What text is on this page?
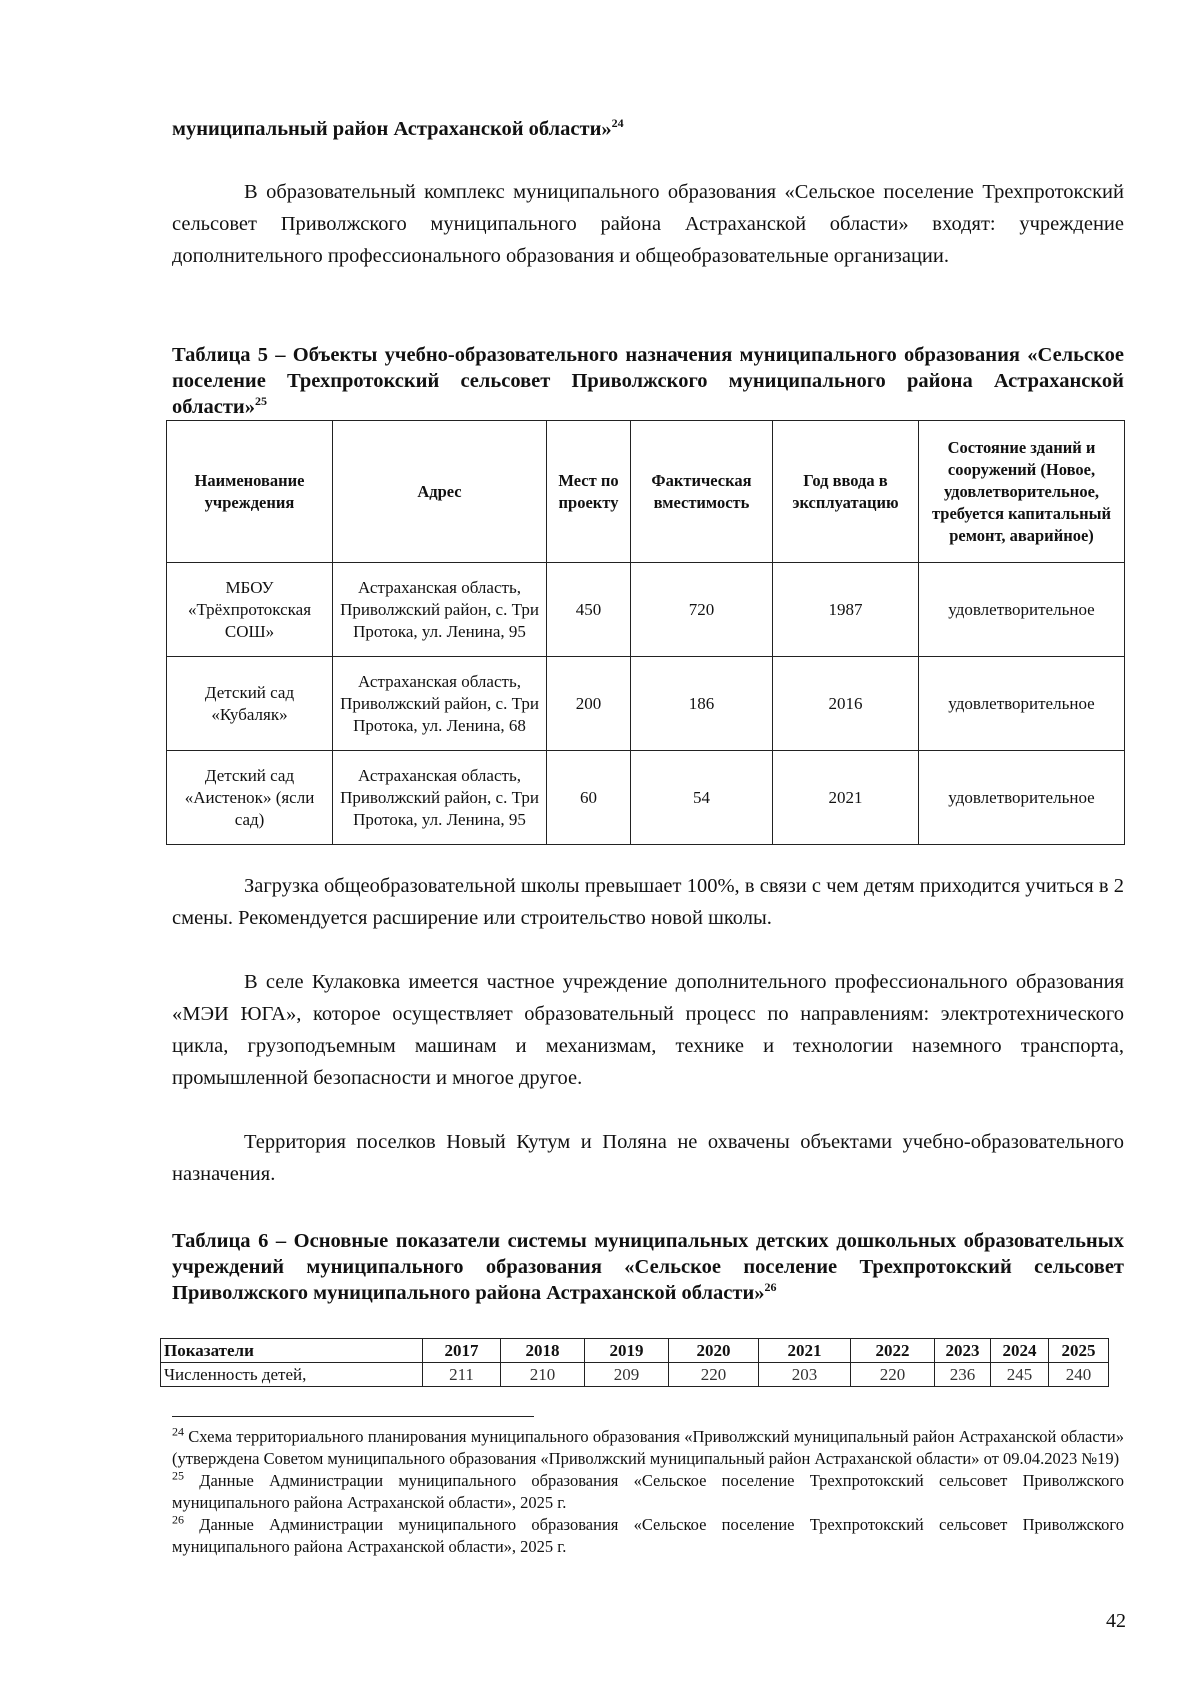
муниципальный район Астраханской области»$^{24}$
В образовательный комплекс муниципального образования «Сельское поселение Трехпротокский сельсовет Приволжского муниципального района Астраханской области» входят: учреждение дополнительного профессионального образования и общеобразовательные организации.
Таблица 5 – Объекты учебно-образовательного назначения муниципального образования «Сельское поселение Трехпротокский сельсовет Приволжского муниципального района Астраханской области»$^{25}$
Наименование учреждения	Адрес	Мест по проекту	Фактическая вместимость	Год ввода в эксплуатацию	Состояние зданий и сооружений (Новое, удовлетворительное, требуется капитальный ремонт, аварийное)
МБОУ «Трёхпротокская СОШ»	Астраханская область, Приволжский район, с. Три Протока, ул. Ленина, 95	450	720	1987	удовлетворительное
Детский сад «Кубаляк»	Астраханская область, Приволжский район, с. Три Протока, ул. Ленина, 68	200	186	2016	удовлетворительное
Детский сад «Аистенок» (ясли сад)	Астраханская область, Приволжский район, с. Три Протока, ул. Ленина, 95	60	54	2021	удовлетворительное
Загрузка общеобразовательной школы превышает 100%, в связи с чем детям приходится учиться в 2 смены. Рекомендуется расширение или строительство новой школы.
В селе Кулаковка имеется частное учреждение дополнительного профессионального образования «МЭИ ЮГА», которое осуществляет образовательный процесс по направлениям: электротехнического цикла, грузоподъемным машинам и механизмам, технике и технологии наземного транспорта, промышленной безопасности и многое другое.
Территория поселков Новый Кутум и Поляна не охвачены объектами учебно-образовательного назначения.
Таблица 6 – Основные показатели системы муниципальных детских дошкольных образовательных учреждений муниципального образования «Сельское поселение Трехпротокский сельсовет Приволжского муниципального района Астраханской области»$^{26}$
Показатели	2017	2018	2019	2020	2021	2022	2023	2024	2025
Численность детей,	211	210	209	220	203	220	236	245	240

$^{24}$ Схема территориального планирования муниципального образования «Приволжский муниципальный район Астраханской области» (утверждена Советом муниципального образования «Приволжский муниципальный район Астраханской области» от 09.04.2023 №19)

$^{25}$ Данные Администрации муниципального образования «Сельское поселение Трехпротокский сельсовет Приволжского муниципального района Астраханской области», 2025 г.

$^{26}$ Данные Администрации муниципального образования «Сельское поселение Трехпротокский сельсовет Приволжского муниципального района Астраханской области», 2025 г.

42
